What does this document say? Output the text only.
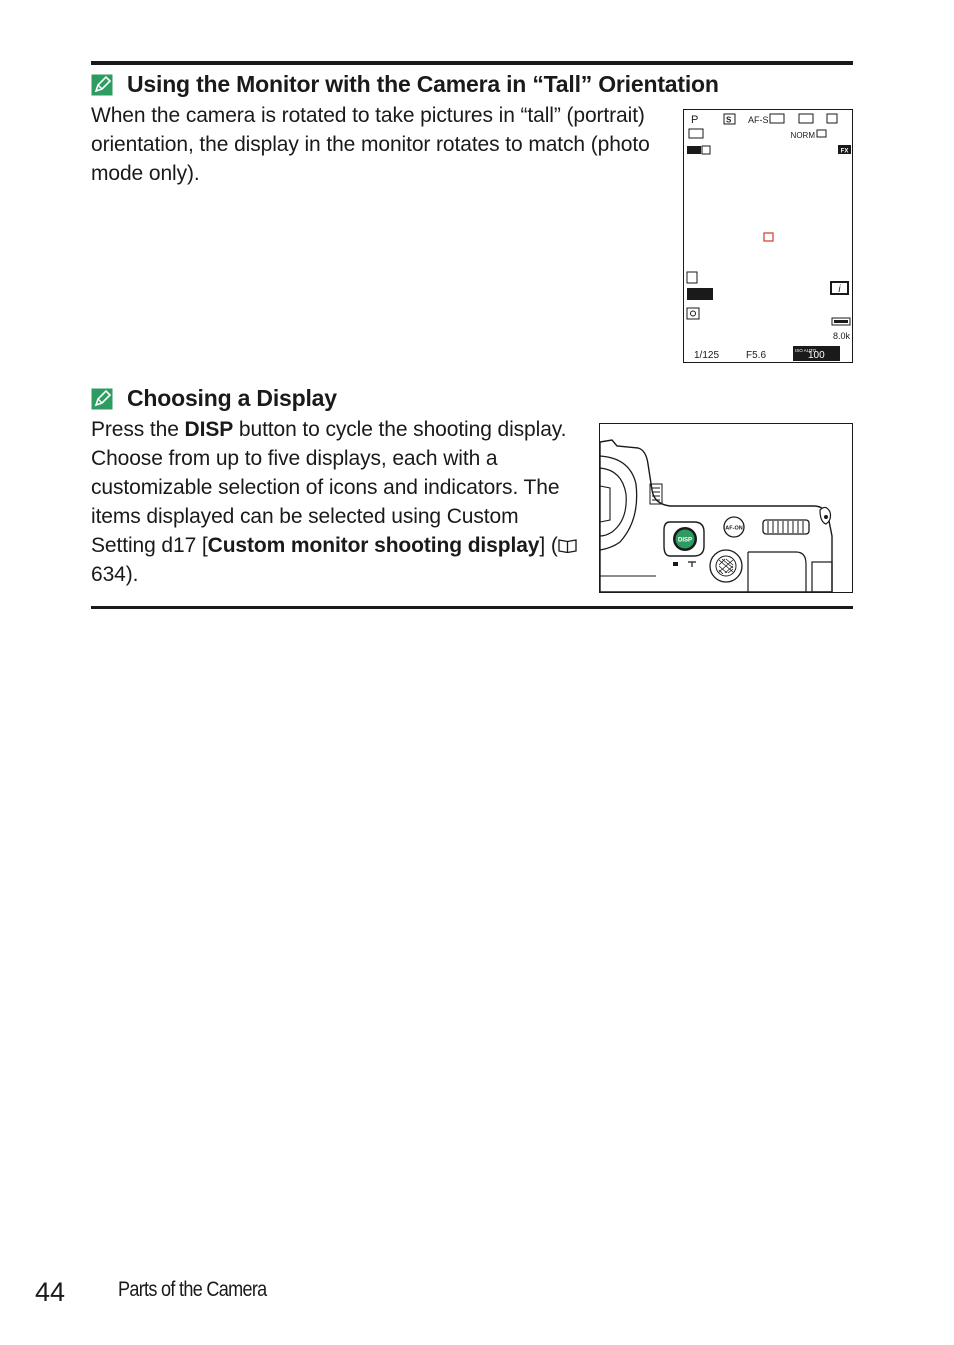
Using the Monitor with the Camera in “Tall” Orientation
When the camera is rotated to take pictures in “tall” (portrait) orientation, the display in the monitor rotates to match (photo mode only).
P	S AF-S
NORM
FX
i
8.0k
1/125	F5.6	ISO AUTO
100
Choosing a Display
Press the DISP button to cycle the shooting display. Choose from up to five displays, each with a customizable selection of icons and indicators. The items displayed can be selected using Custom Setting d17 [Custom monitor shooting display] (634).
AF-ON
DISP
44	Parts of the Camera
